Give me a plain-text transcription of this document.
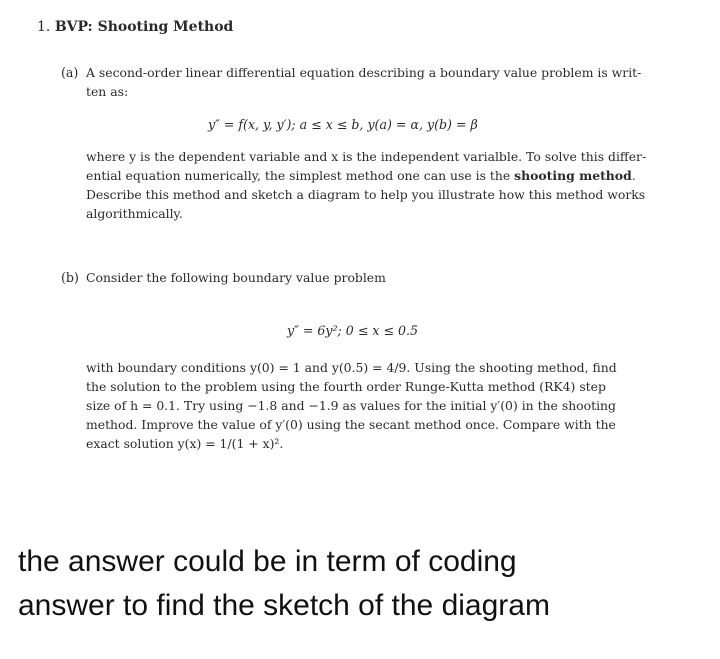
1. BVP: Shooting Method
(a) A second-order linear differential equation describing a boundary value problem is writ-
ten as:
y″ = f(x, y, y′); a ≤ x ≤ b, y(a) = α, y(b) = β
where y is the dependent variable and x is the independent varialble. To solve this differ-
ential equation numerically, the simplest method one can use is the shooting method.
Describe this method and sketch a diagram to help you illustrate how this method works
algorithmically.
(b) Consider the following boundary value problem
y″ = 6y²; 0 ≤ x ≤ 0.5
with boundary conditions y(0) = 1 and y(0.5) = 4/9. Using the shooting method, find
the solution to the problem using the fourth order Runge-Kutta method (RK4) step
size of h = 0.1. Try using −1.8 and −1.9 as values for the initial y′(0) in the shooting
method. Improve the value of y′(0) using the secant method once. Compare with the
exact solution y(x) = 1/(1 + x)².
the answer could be in term of coding
answer to find the sketch of the diagram
